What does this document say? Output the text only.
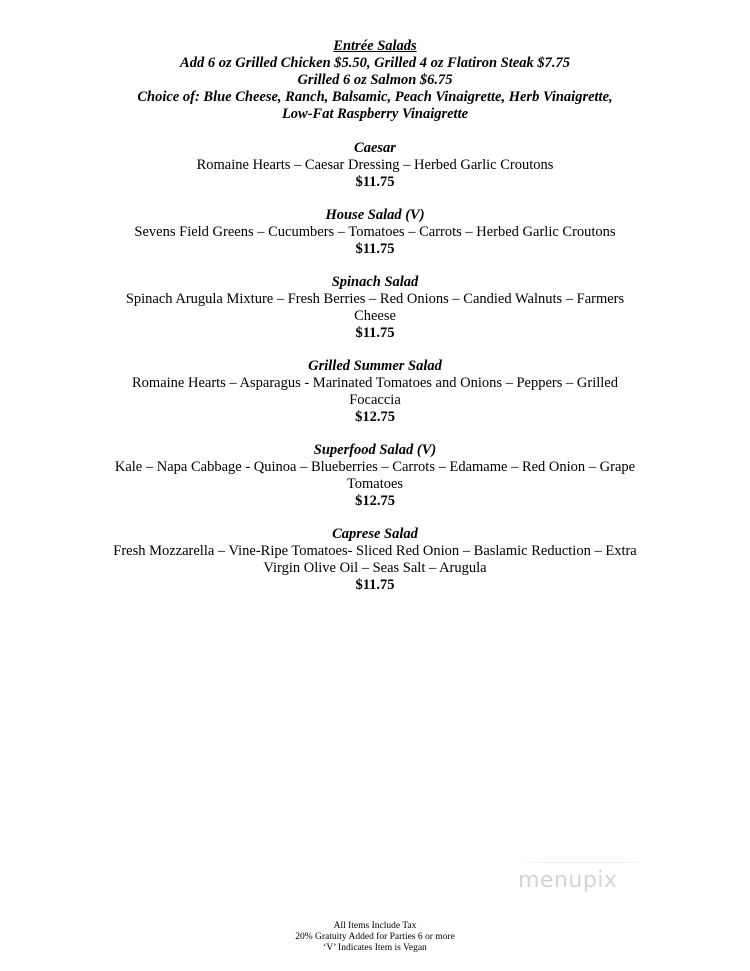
Entrée Salads
Add 6 oz Grilled Chicken $5.50, Grilled 4 oz Flatiron Steak $7.75
Grilled 6 oz Salmon $6.75
Choice of: Blue Cheese, Ranch, Balsamic, Peach Vinaigrette, Herb Vinaigrette,
Low-Fat Raspberry Vinaigrette
Caesar
Romaine Hearts – Caesar Dressing – Herbed Garlic Croutons
$11.75
House Salad (V)
Sevens Field Greens – Cucumbers – Tomatoes – Carrots – Herbed Garlic Croutons
$11.75
Spinach Salad
Spinach Arugula Mixture – Fresh Berries – Red Onions – Candied Walnuts – Farmers Cheese
$11.75
Grilled Summer Salad
Romaine Hearts – Asparagus - Marinated Tomatoes and Onions – Peppers – Grilled Focaccia
$12.75
Superfood Salad (V)
Kale – Napa Cabbage - Quinoa – Blueberries – Carrots – Edamame – Red Onion – Grape Tomatoes
$12.75
Caprese Salad
Fresh Mozzarella – Vine-Ripe Tomatoes- Sliced Red Onion – Baslamic Reduction – Extra Virgin Olive Oil – Seas Salt – Arugula
$11.75
menupix
All Items Include Tax
20% Gratuity Added for Parties 6 or more
‘V’ Indicates Item is Vegan
